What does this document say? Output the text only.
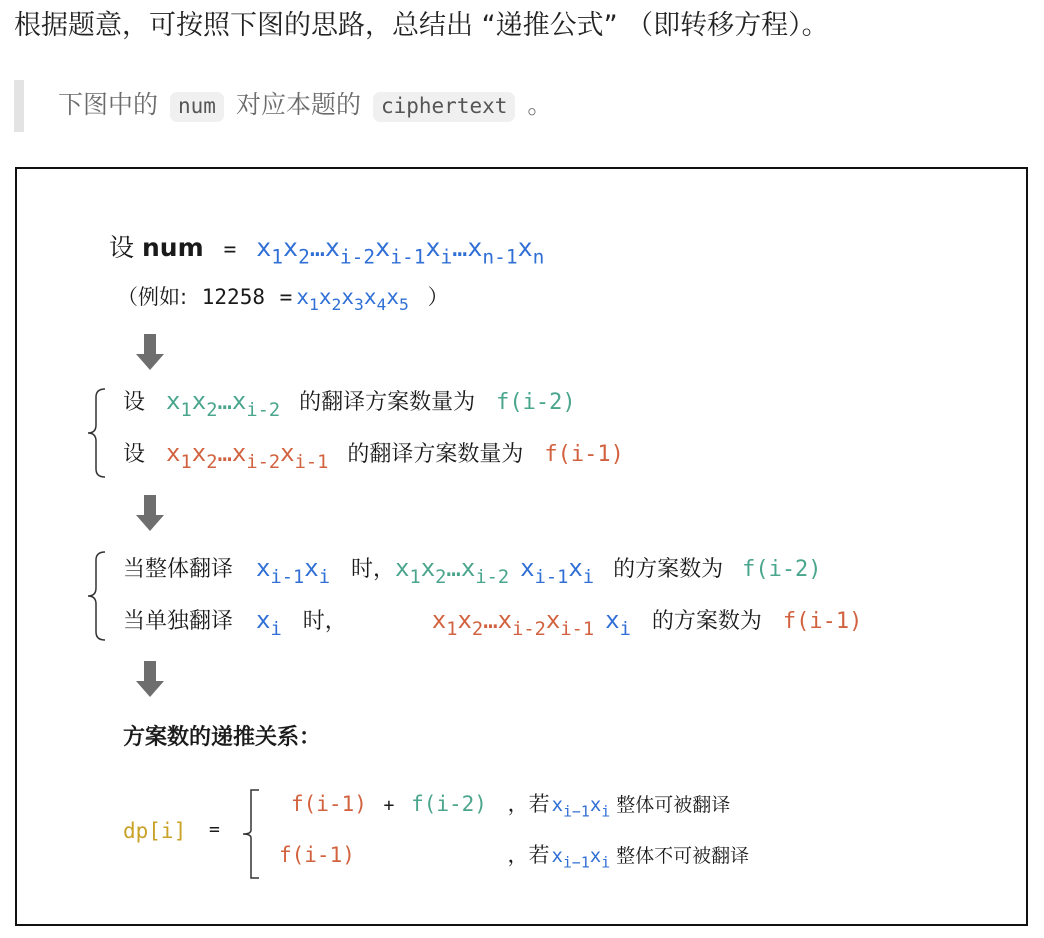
根据题意，可按照下图的思路，总结出 “递推公式” （即转移方程）。
下图中的 num 对应本题的 ciphertext 。
设 num = $x_1x_2\dots x_{i-2}x_{i-1}x_i\dots x_{n-1}x_n$
（例如: $12258 = x_1x_2x_3x_4x_5$ ）
设 $x_1x_2\dots x_{i-2}$ 的翻译方案数量为 f(i-2)
设 $x_1x_2\dots x_{i-2}x_{i-1}$ 的翻译方案数量为 f(i-1)
当整体翻译 $x_{i-1}x_i$ 时，$x_1x_2\dots x_{i-2}$ $x_{i-1}x_i$ 的方案数为 f(i-2)
当单独翻译 $x_i$ 时，	$x_1x_2\dots x_{i-2}x_{i-1}$ $x_i$ 的方案数为 f(i-1)
方案数的递推关系：
dp[i] =
f(i-1) + f(i-2) ，若 $x_{i-1}x_i$ 整体可被翻译
f(i-1)	，若 $x_{i-1}x_i$ 整体不可被翻译
